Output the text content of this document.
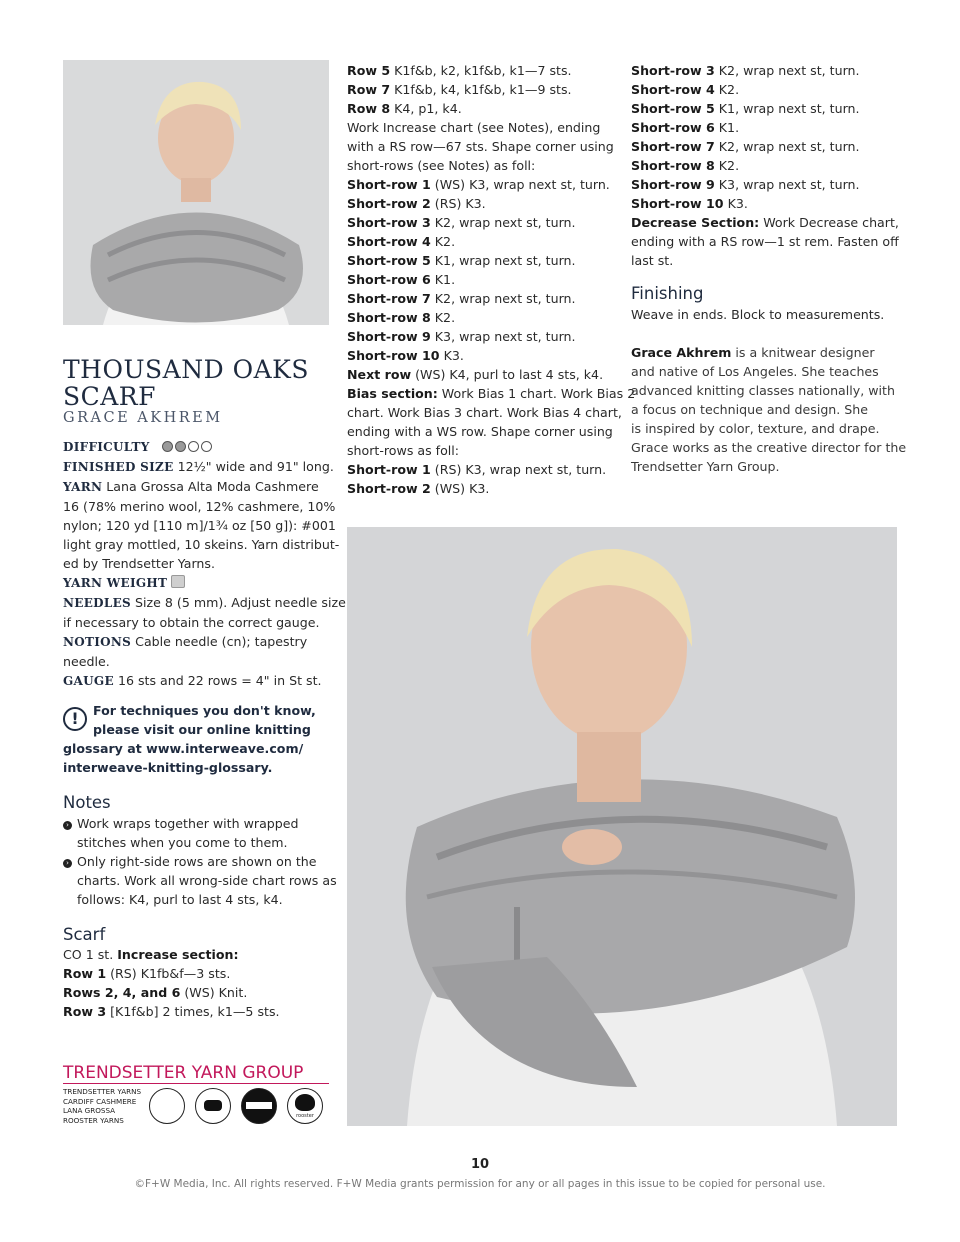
THOUSAND OAKS
SCARF
GRACE AKHREM
DIFFICULTY
FINISHED SIZE 12½" wide and 91" long.
YARN Lana Grossa Alta Moda Cashmere
16 (78% merino wool, 12% cashmere, 10%
nylon; 120 yd [110 m]/1¾ oz [50 g]): #001
light gray mottled, 10 skeins. Yarn distribut-
ed by Trendsetter Yarns.
YARN WEIGHT
NEEDLES Size 8 (5 mm). Adjust needle size
if necessary to obtain the correct gauge.
NOTIONS Cable needle (cn); tapestry
needle.
GAUGE 16 sts and 22 rows = 4" in St st.
!	For techniques you don't know,
please visit our online knitting
glossary at www.interweave.com/
interweave-knitting-glossary.
Notes
› Work wraps together with wrapped
stitches when you come to them.
› Only right-side rows are shown on the
charts. Work all wrong-side chart rows as
follows: K4, purl to last 4 sts, k4.
Scarf
CO 1 st. Increase section:
Row 1 (RS) K1fb&f—3 sts.
Rows 2, 4, and 6 (WS) Knit.
Row 3 [K1f&b] 2 times, k1—5 sts.
TRENDSETTER YARN GROUP
TRENDSETTER YARNS
CARDIFF CASHMERE
LANA GROSSA
ROOSTER YARNS	rooster
Row 5 K1f&b, k2, k1f&b, k1—7 sts.
Row 7 K1f&b, k4, k1f&b, k1—9 sts.
Row 8 K4, p1, k4.
Work Increase chart (see Notes), ending
with a RS row—67 sts. Shape corner using
short-rows (see Notes) as foll:
Short-row 1 (WS) K3, wrap next st, turn.
Short-row 2 (RS) K3.
Short-row 3 K2, wrap next st, turn.
Short-row 4 K2.
Short-row 5 K1, wrap next st, turn.
Short-row 6 K1.
Short-row 7 K2, wrap next st, turn.
Short-row 8 K2.
Short-row 9 K3, wrap next st, turn.
Short-row 10 K3.
Next row (WS) K4, purl to last 4 sts, k4.
Bias section: Work Bias 1 chart. Work Bias 2
chart. Work Bias 3 chart. Work Bias 4 chart,
ending with a WS row. Shape corner using
short-rows as foll:
Short-row 1 (RS) K3, wrap next st, turn.
Short-row 2 (WS) K3.
Short-row 3 K2, wrap next st, turn.
Short-row 4 K2.
Short-row 5 K1, wrap next st, turn.
Short-row 6 K1.
Short-row 7 K2, wrap next st, turn.
Short-row 8 K2.
Short-row 9 K3, wrap next st, turn.
Short-row 10 K3.
Decrease Section: Work Decrease chart,
ending with a RS row—1 st rem. Fasten off
last st.
Finishing
Weave in ends. Block to measurements.
Grace Akhrem is a knitwear designer
and native of Los Angeles. She teaches
advanced knitting classes nationally, with
a focus on technique and design. She
is inspired by color, texture, and drape.
Grace works as the creative director for the
Trendsetter Yarn Group.
10
©F+W Media, Inc. All rights reserved. F+W Media grants permission for any or all pages in this issue to be copied for personal use.
